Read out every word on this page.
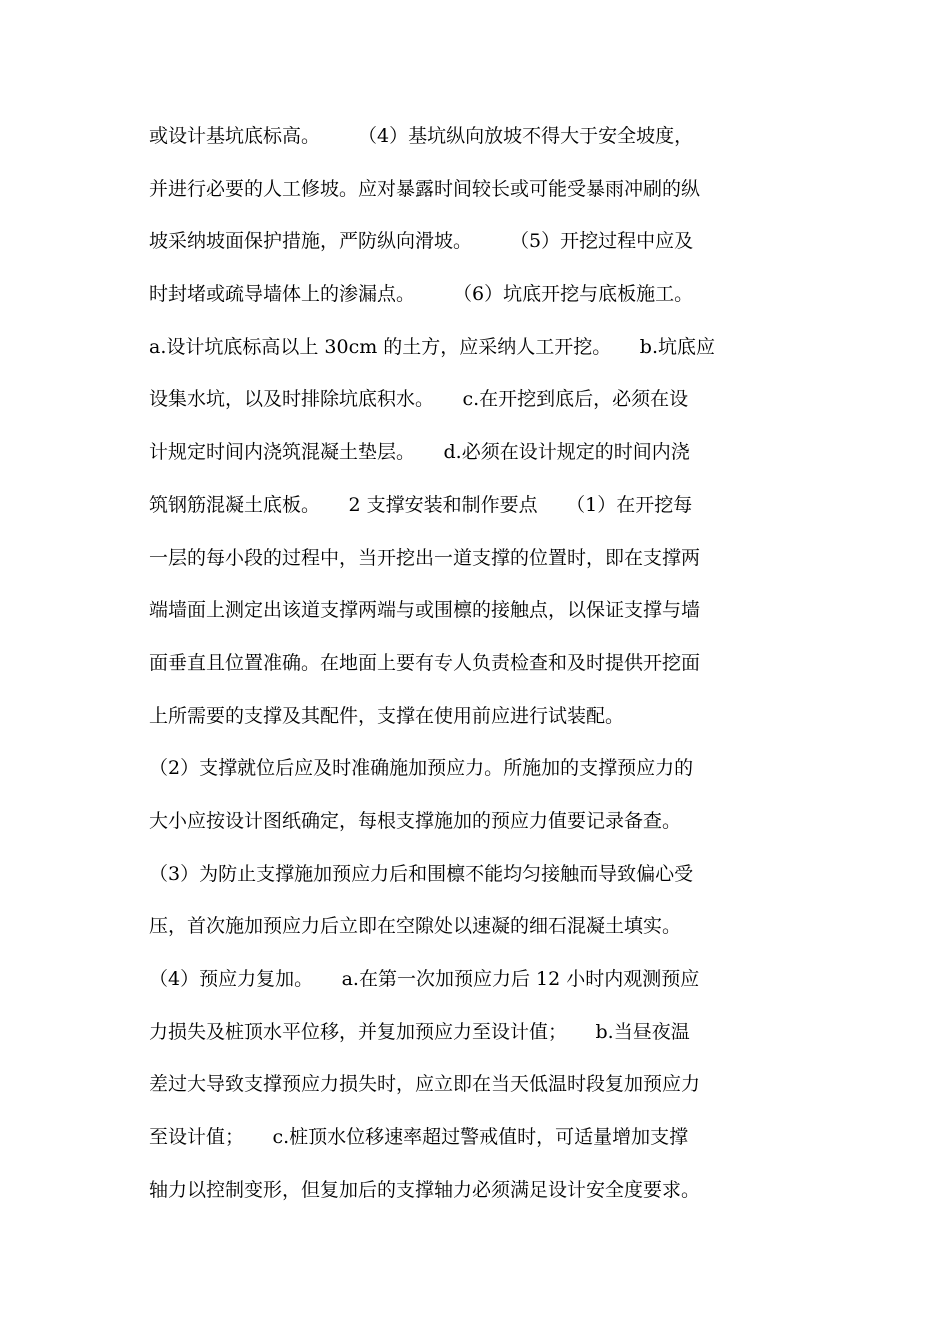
或设计基坑底标高。　　　（4）基坑纵向放坡不得大于安全坡度，
并进行必要的人工修坡。应对暴露时间较长或可能受暴雨冲刷的纵
坡采纳坡面保护措施，严防纵向滑坡。　　　（5）开挖过程中应及
时封堵或疏导墙体上的渗漏点。　　　（6）坑底开挖与底板施工。
a.设计坑底标高以上 30cm 的土方，应采纳人工开挖。　　b.坑底应
设集水坑，以及时排除坑底积水。　　c.在开挖到底后，必须在设
计规定时间内浇筑混凝土垫层。　　d.必须在设计规定的时间内浇
筑钢筋混凝土底板。　　2 支撑安装和制作要点　　（1）在开挖每
一层的每小段的过程中，当开挖出一道支撑的位置时，即在支撑两
端墙面上测定出该道支撑两端与或围檩的接触点，以保证支撑与墙
面垂直且位置准确。在地面上要有专人负责检查和及时提供开挖面
上所需要的支撑及其配件，支撑在使用前应进行试装配。
（2）支撑就位后应及时准确施加预应力。所施加的支撑预应力的
大小应按设计图纸确定，每根支撑施加的预应力值要记录备查。
（3）为防止支撑施加预应力后和围檩不能均匀接触而导致偏心受
压，首次施加预应力后立即在空隙处以速凝的细石混凝土填实。
（4）预应力复加。　　a.在第一次加预应力后 12 小时内观测预应
力损失及桩顶水平位移，并复加预应力至设计值；　　b.当昼夜温
差过大导致支撑预应力损失时，应立即在当天低温时段复加预应力
至设计值；　　c.桩顶水位移速率超过警戒值时，可适量增加支撑
轴力以控制变形，但复加后的支撑轴力必须满足设计安全度要求。
